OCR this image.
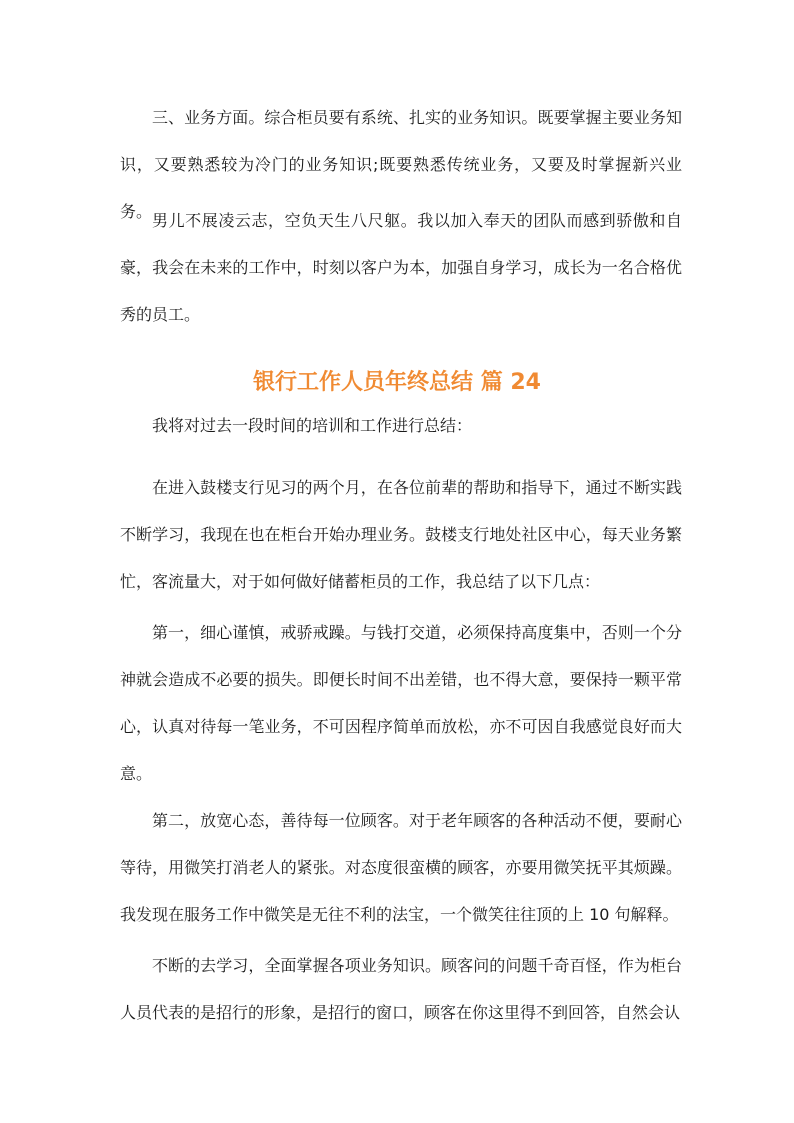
三、业务方面。综合柜员要有系统、扎实的业务知识。既要掌握主要业务知识，又要熟悉较为冷门的业务知识;既要熟悉传统业务，又要及时掌握新兴业务。 男儿不展凌云志，空负天生八尺躯。我以加入奉天的团队而感到骄傲和自豪，我会在未来的工作中，时刻以客户为本，加强自身学习，成长为一名合格优秀的员工。

银行工作人员年终总结 篇 24

我将对过去一段时间的培训和工作进行总结：

在进入鼓楼支行见习的两个月，在各位前辈的帮助和指导下，通过不断实践不断学习，我现在也在柜台开始办理业务。鼓楼支行地处社区中心，每天业务繁忙，客流量大，对于如何做好储蓄柜员的工作，我总结了以下几点：

第一，细心谨慎，戒骄戒躁。与钱打交道，必须保持高度集中，否则一个分神就会造成不必要的损失。即便长时间不出差错，也不得大意，要保持一颗平常心，认真对待每一笔业务，不可因程序简单而放松，亦不可因自我感觉良好而大意。

第二，放宽心态，善待每一位顾客。对于老年顾客的各种活动不便，要耐心等待，用微笑打消老人的紧张。对态度很蛮横的顾客，亦要用微笑抚平其烦躁。我发现在服务工作中微笑是无往不利的法宝，一个微笑往往顶的上 10 句解释。

不断的去学习，全面掌握各项业务知识。顾客问的问题千奇百怪，作为柜台人员代表的是招行的形象，是招行的窗口，顾客在你这里得不到回答，自然会认
